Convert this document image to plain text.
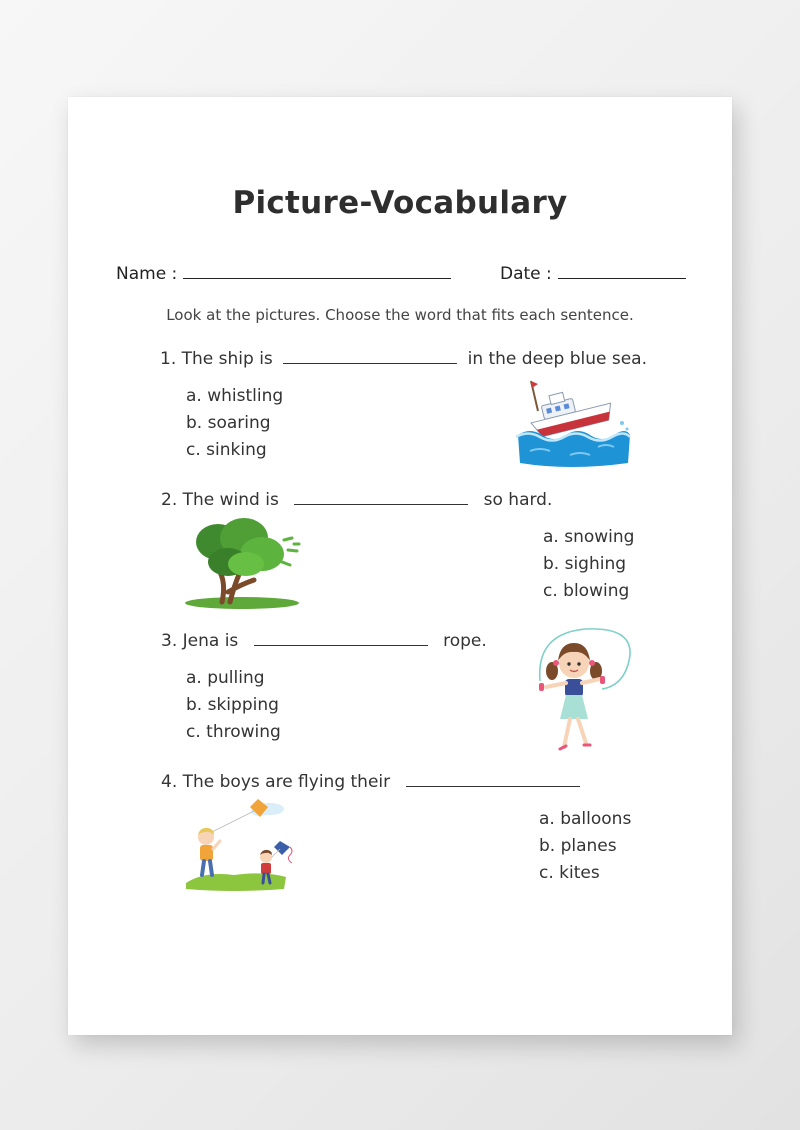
Picture-Vocabulary
Name :	Date :
Look at the pictures. Choose the word that fits each sentence.
1. The ship is	in the deep blue sea.
a. whistling
b. soaring
c. sinking
2. The wind is	so hard.
a. snowing
b. sighing
c. blowing
3. Jena is	rope.
a. pulling
b. skipping
c. throwing
4. The boys are flying their
a. balloons
b. planes
c. kites
